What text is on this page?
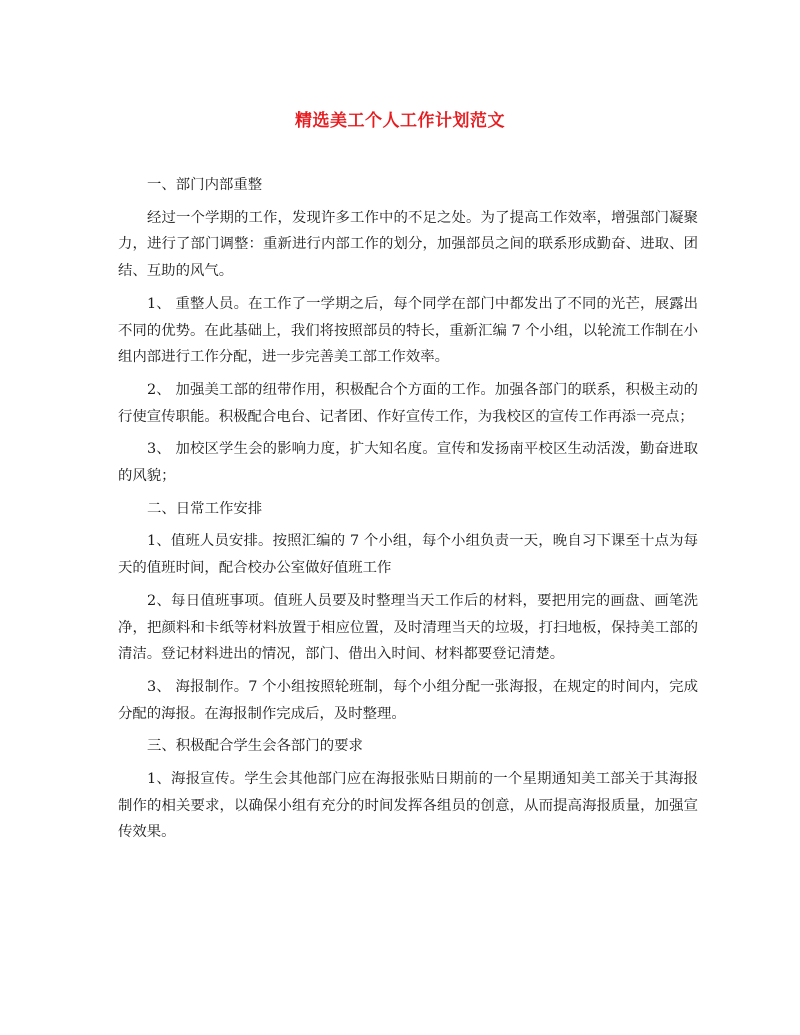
精选美工个人工作计划范文

一、部门内部重整

经过一个学期的工作，发现许多工作中的不足之处。为了提高工作效率，增强部门凝聚力，进行了部门调整：重新进行内部工作的划分，加强部员之间的联系形成勤奋、进取、团结、互助的风气。

1、 重整人员。在工作了一学期之后，每个同学在部门中都发出了不同的光芒，展露出不同的优势。在此基础上，我们将按照部员的特长，重新汇编 7 个小组，以轮流工作制在小组内部进行工作分配，进一步完善美工部工作效率。

2、 加强美工部的纽带作用，积极配合个方面的工作。加强各部门的联系，积极主动的行使宣传职能。积极配合电台、记者团、作好宣传工作，为我校区的宣传工作再添一亮点；

3、 加校区学生会的影响力度，扩大知名度。宣传和发扬南平校区生动活泼，勤奋进取的风貌；

二、日常工作安排

1、值班人员安排。按照汇编的 7 个小组，每个小组负责一天，晚自习下课至十点为每天的值班时间，配合校办公室做好值班工作

2、每日值班事项。值班人员要及时整理当天工作后的材料，要把用完的画盘、画笔洗净，把颜料和卡纸等材料放置于相应位置，及时清理当天的垃圾，打扫地板，保持美工部的清洁。登记材料进出的情况，部门、借出入时间、材料都要登记清楚。

3、 海报制作。7 个小组按照轮班制，每个小组分配一张海报，在规定的时间内，完成分配的海报。在海报制作完成后，及时整理。

三、积极配合学生会各部门的要求

1、海报宣传。学生会其他部门应在海报张贴日期前的一个星期通知美工部关于其海报制作的相关要求，以确保小组有充分的时间发挥各组员的创意，从而提高海报质量，加强宣传效果。
